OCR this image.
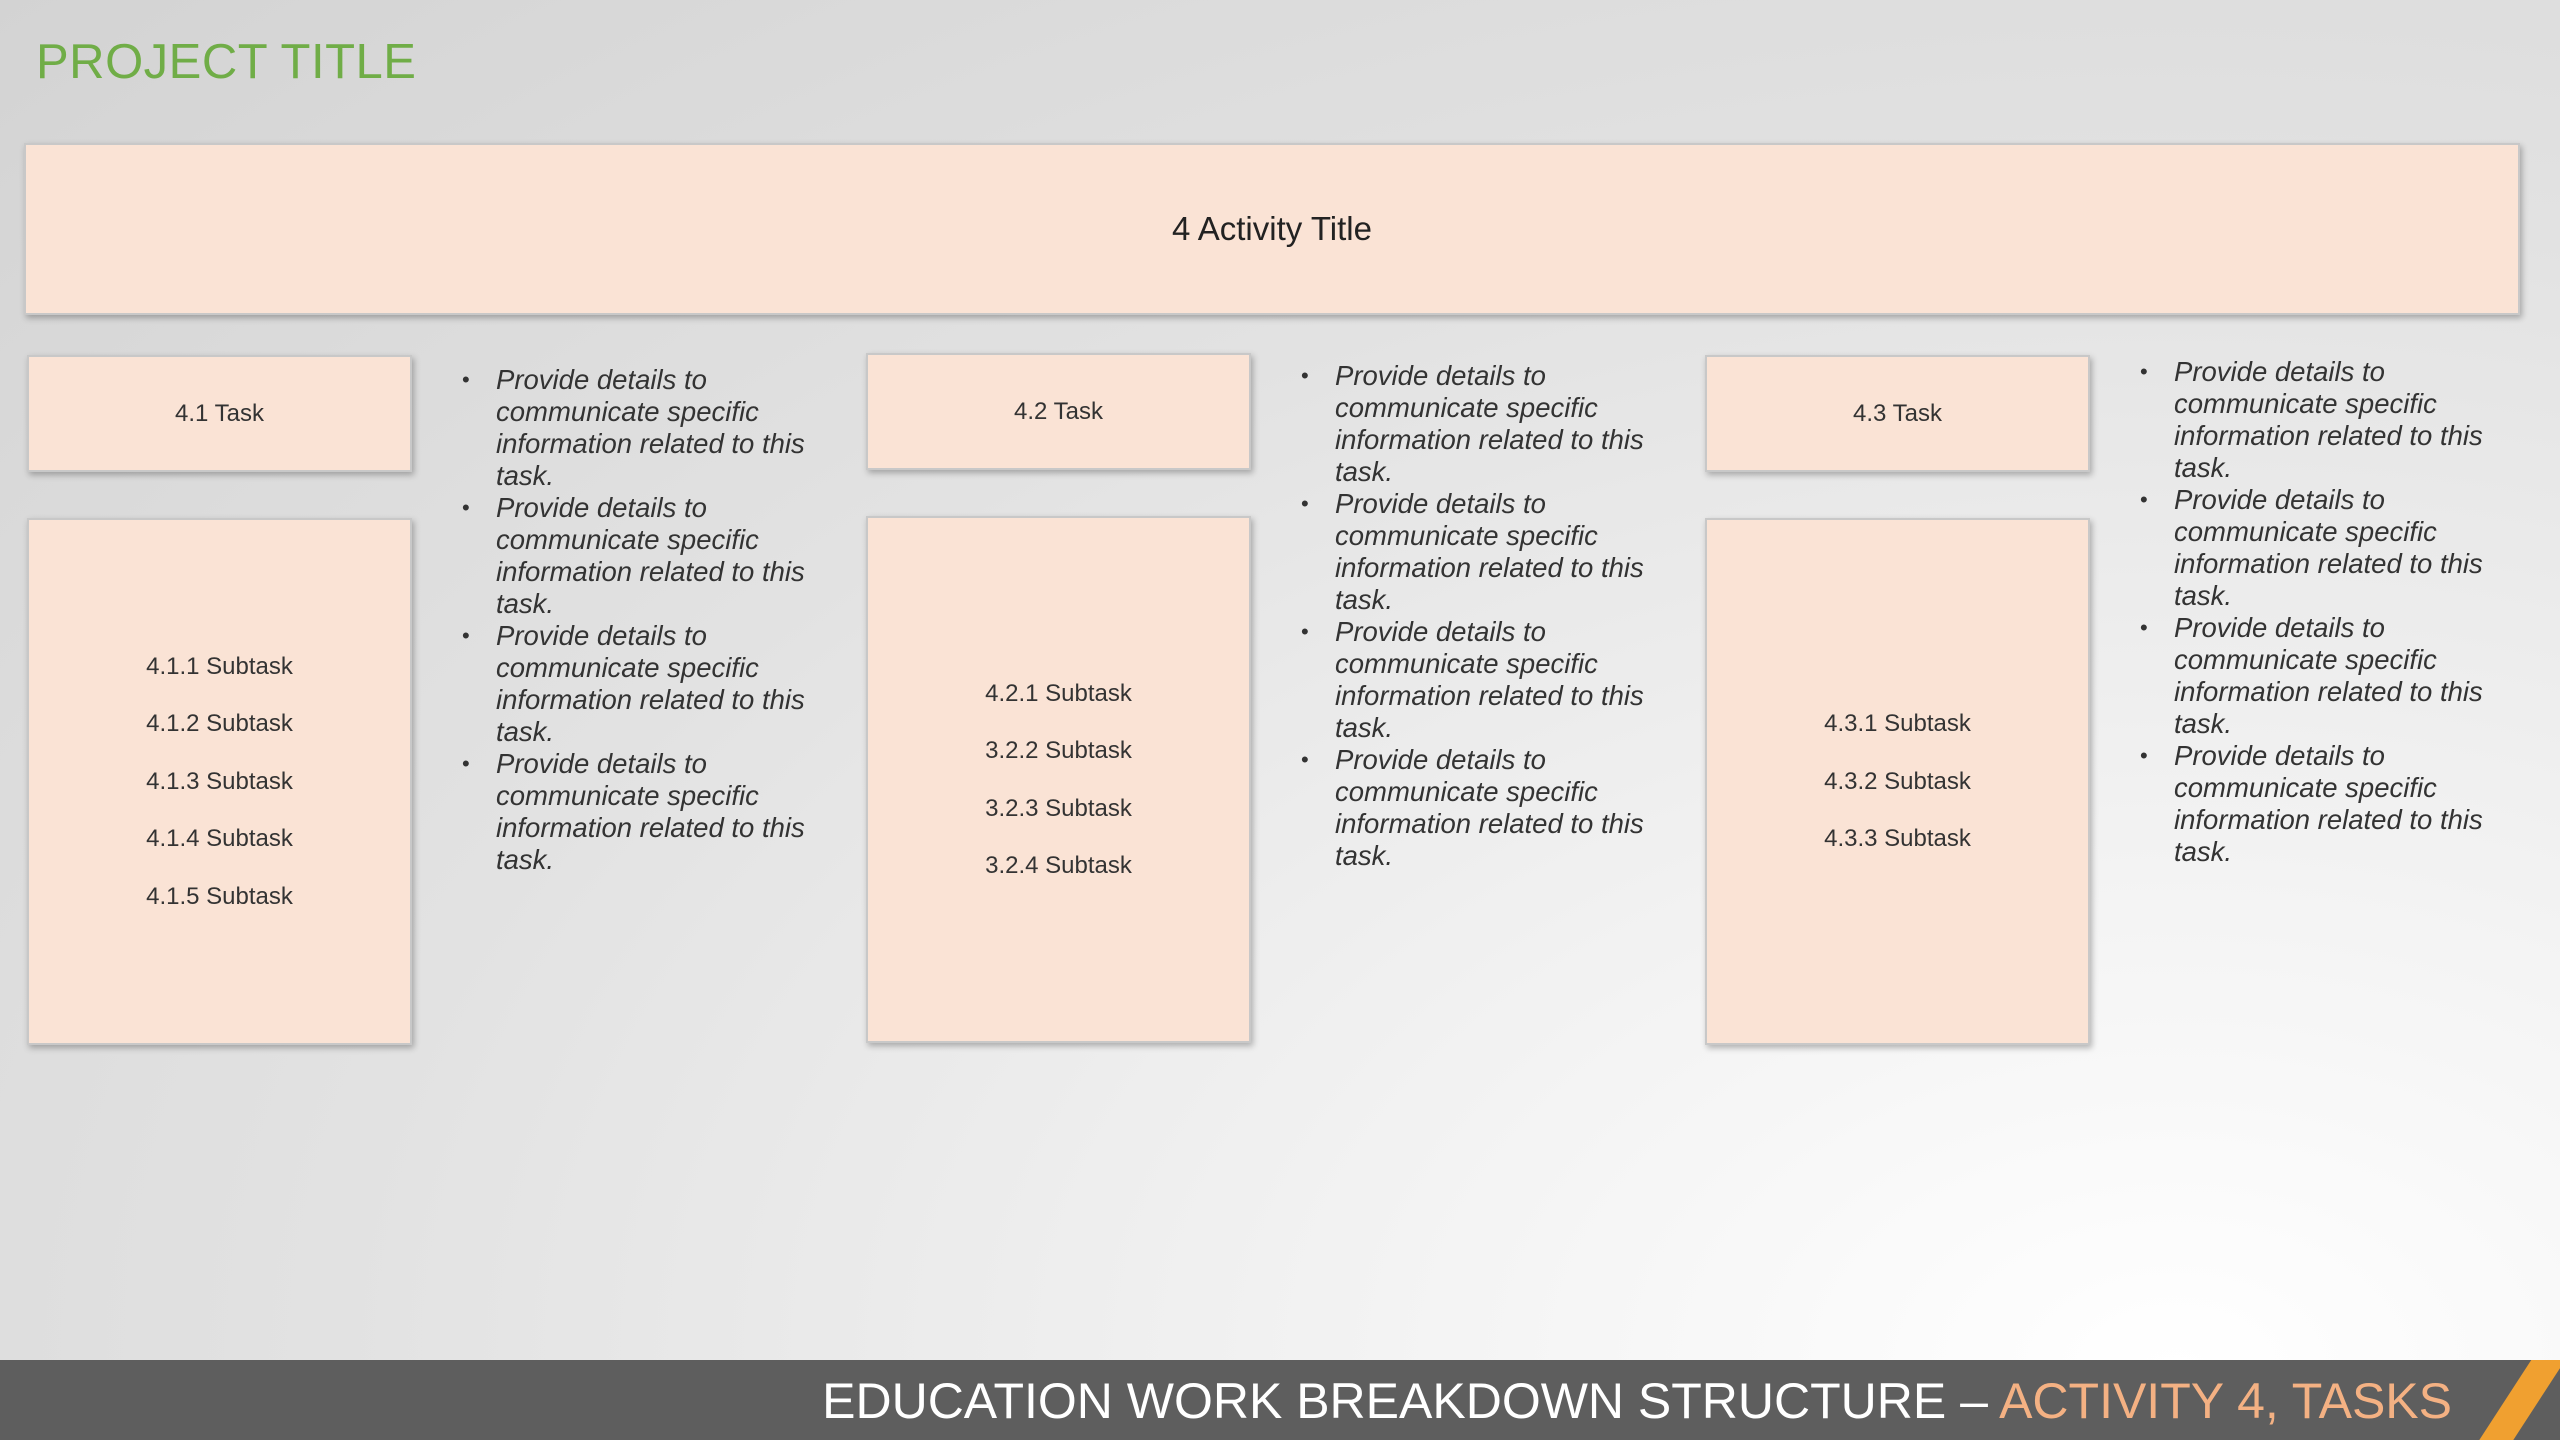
PROJECT TITLE
4 Activity Title
4.1 Task
4.1.1 Subtask
4.1.2 Subtask
4.1.3 Subtask
4.1.4 Subtask
4.1.5 Subtask
• Provide details to communicate specific information related to this task.
• Provide details to communicate specific information related to this task.
• Provide details to communicate specific information related to this task.
• Provide details to communicate specific information related to this task.
4.2 Task
4.2.1 Subtask
3.2.2 Subtask
3.2.3 Subtask
3.2.4 Subtask
• Provide details to communicate specific information related to this task.
• Provide details to communicate specific information related to this task.
• Provide details to communicate specific information related to this task.
• Provide details to communicate specific information related to this task.
4.3 Task
4.3.1 Subtask
4.3.2 Subtask
4.3.3 Subtask
• Provide details to communicate specific information related to this task.
• Provide details to communicate specific information related to this task.
• Provide details to communicate specific information related to this task.
• Provide details to communicate specific information related to this task.
EDUCATION WORK BREAKDOWN STRUCTURE – ACTIVITY 4, TASKS
